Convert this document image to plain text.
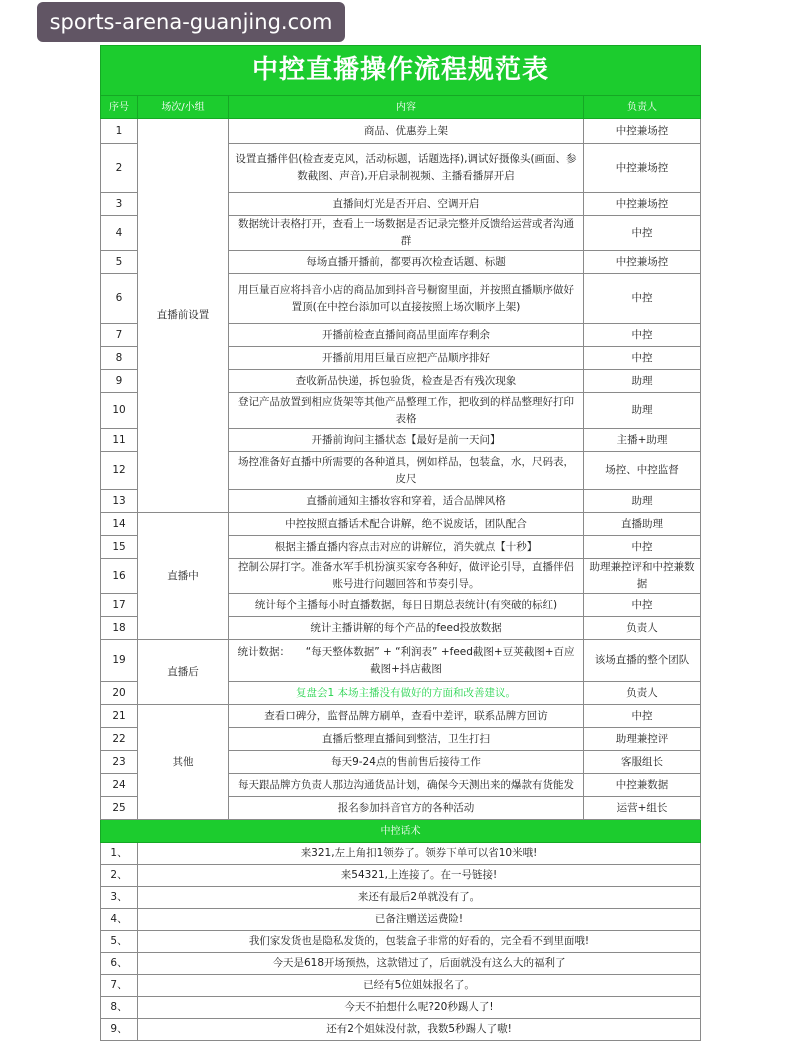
中控直播操作流程规范表			
序号	场次/小组	内容	负责人
1	直播前设置	商品、优惠券上架	中控兼场控
2		设置直播伴侣(检查麦克风，活动标题，话题选择),调试好摄像头(画面、参数截图、声音),开启录制视频、主播看播屏开启	中控兼场控
3		直播间灯光是否开启、空调开启	中控兼场控
4		数据统计表格打开，查看上一场数据是否记录完整并反馈给运营或者沟通群	中控
5		每场直播开播前，都要再次检查话题、标题	中控兼场控
6		用巨量百应将抖音小店的商品加到抖音号橱窗里面，并按照直播顺序做好置顶(在中控台添加可以直接按照上场次顺序上架)	中控
7		开播前检查直播间商品里面库存剩余	中控
8		开播前用用巨量百应把产品顺序排好	中控
9		查收新品快递，拆包验货，检查是否有残次现象	助理
10		登记产品放置到相应货架等其他产品整理工作，把收到的样品整理好打印表格	助理
11		开播前询问主播状态【最好是前一天问】	主播+助理
12		场控准备好直播中所需要的各种道具，例如样品，包装盒，水，尺码表，皮尺	场控、中控监督
13		直播前通知主播妆容和穿着，适合品牌风格	助理
14	直播中	中控按照直播话术配合讲解，绝不说废话，团队配合	直播助理
15		根据主播直播内容点击对应的讲解位，消失就点【十秒】	中控
16		控制公屏打字。准备水军手机扮演买家夸各种好，做评论引导，直播伴侣账号进行问题回答和节奏引导。	助理兼控评和中控兼数据
17		统计每个主播每小时直播数据，每日日期总表统计(有突破的标红)	中控
18		统计主播讲解的每个产品的feed投放数据	负责人
19	直播后	统计数据：　　“每天整体数据” + “利润表” +feed截图+豆荚截图+百应截图+抖店截图	该场直播的整个团队
20		复盘会1 本场主播没有做好的方面和改善建议。	负责人
21	其他	查看口碑分，监督品牌方刷单，查看中差评，联系品牌方回访	中控
22		直播后整理直播间到整洁，卫生打扫	助理兼控评
23		每天9-24点的售前售后接待工作	客服组长
24		每天跟品牌方负责人那边沟通货品计划，确保今天测出来的爆款有货能发	中控兼数据
25		报名参加抖音官方的各种活动	运营+组长
中控话术			
1、	来321,左上角扣1领券了。领券下单可以省10米哦!		
2、	来54321,上连接了。在一号链接!		
3、	来还有最后2单就没有了。		
4、	已备注赠送运费险!		
5、	我们家发货也是隐私发货的，包装盒子非常的好看的，完全看不到里面哦!		
6、	今天是618开场预热，这款错过了，后面就没有这么大的福利了		
7、	已经有5位姐妹报名了。		
8、	今天不拍想什么呢?20秒踢人了!		
9、	还有2个姐妹没付款，我数5秒踢人了嗷!		
sports-arena-guanjing.com
